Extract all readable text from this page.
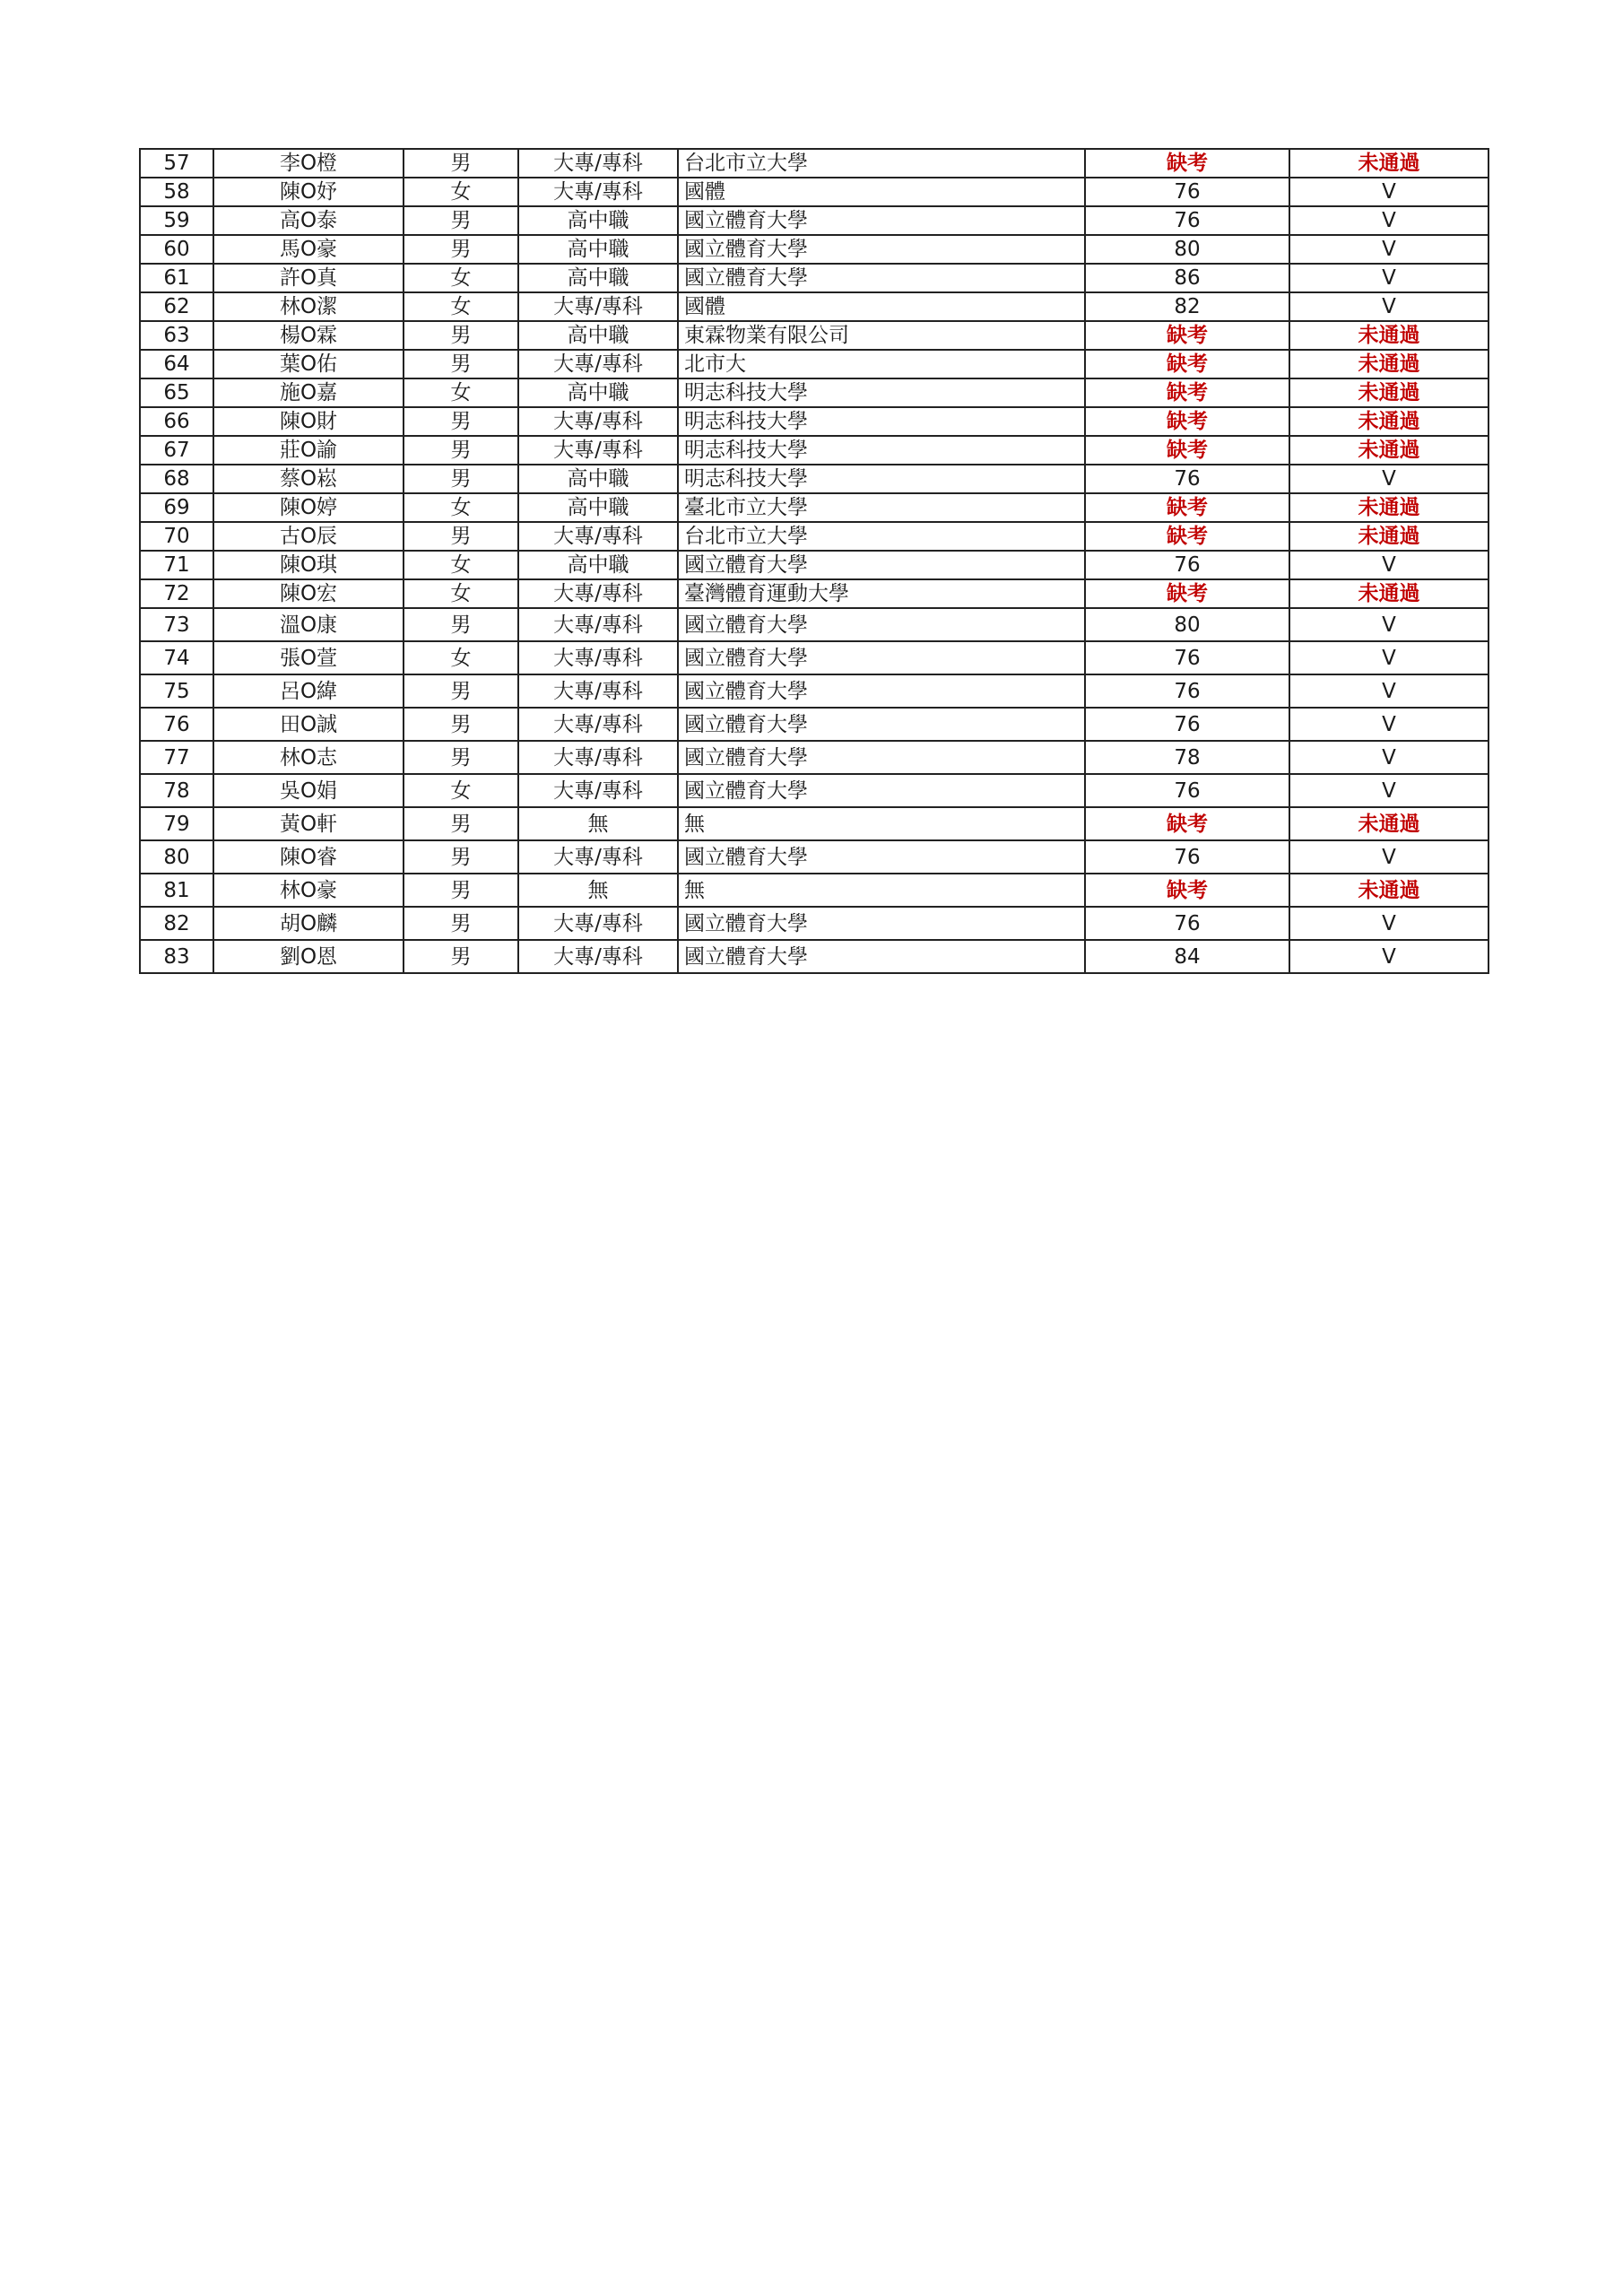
57	李O橙	男	大專/專科	台北市立大學	缺考	未通過
58	陳O妤	女	大專/專科	國體	76	V
59	高O泰	男	高中職	國立體育大學	76	V
60	馬O豪	男	高中職	國立體育大學	80	V
61	許O真	女	高中職	國立體育大學	86	V
62	林O潔	女	大專/專科	國體	82	V
63	楊O霖	男	高中職	東霖物業有限公司	缺考	未通過
64	葉O佑	男	大專/專科	北市大	缺考	未通過
65	施O嘉	女	高中職	明志科技大學	缺考	未通過
66	陳O財	男	大專/專科	明志科技大學	缺考	未通過
67	莊O諭	男	大專/專科	明志科技大學	缺考	未通過
68	蔡O崧	男	高中職	明志科技大學	76	V
69	陳O婷	女	高中職	臺北市立大學	缺考	未通過
70	古O辰	男	大專/專科	台北市立大學	缺考	未通過
71	陳O琪	女	高中職	國立體育大學	76	V
72	陳O宏	女	大專/專科	臺灣體育運動大學	缺考	未通過
73	溫O康	男	大專/專科	國立體育大學	80	V
74	張O萱	女	大專/專科	國立體育大學	76	V
75	呂O緯	男	大專/專科	國立體育大學	76	V
76	田O誠	男	大專/專科	國立體育大學	76	V
77	林O志	男	大專/專科	國立體育大學	78	V
78	吳O娟	女	大專/專科	國立體育大學	76	V
79	黃O軒	男	無	無	缺考	未通過
80	陳O睿	男	大專/專科	國立體育大學	76	V
81	林O豪	男	無	無	缺考	未通過
82	胡O麟	男	大專/專科	國立體育大學	76	V
83	劉O恩	男	大專/專科	國立體育大學	84	V
